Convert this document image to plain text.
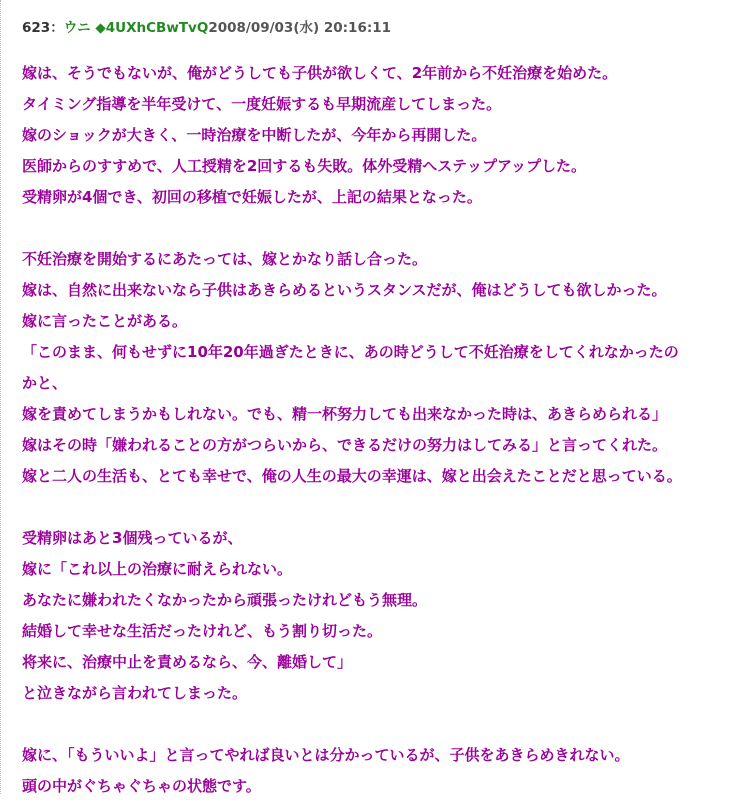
623：ウニ ◆4UXhCBwTvQ2008/09/03(水) 20:16:11
嫁は、そうでもないが、俺がどうしても子供が欲しくて、2年前から不妊治療を始めた。
タイミング指導を半年受けて、一度妊娠するも早期流産してしまった。
嫁のショックが大きく、一時治療を中断したが、今年から再開した。
医師からのすすめで、人工授精を2回するも失敗。体外受精へステップアップした。
受精卵が4個でき、初回の移植で妊娠したが、上記の結果となった。
不妊治療を開始するにあたっては、嫁とかなり話し合った。
嫁は、自然に出来ないなら子供はあきらめるというスタンスだが、俺はどうしても欲しかった。
嫁に言ったことがある。
「このまま、何もせずに10年20年過ぎたときに、あの時どうして不妊治療をしてくれなかったの
かと、
嫁を責めてしまうかもしれない。でも、精一杯努力しても出来なかった時は、あきらめられる」
嫁はその時「嫌われることの方がつらいから、できるだけの努力はしてみる」と言ってくれた。
嫁と二人の生活も、とても幸せで、俺の人生の最大の幸運は、嫁と出会えたことだと思っている。
受精卵はあと3個残っているが、
嫁に「これ以上の治療に耐えられない。
あなたに嫌われたくなかったから頑張ったけれどもう無理。
結婚して幸せな生活だったけれど、もう割り切った。
将来に、治療中止を責めるなら、今、離婚して」
と泣きながら言われてしまった。
嫁に、「もういいよ」と言ってやれば良いとは分かっているが、子供をあきらめきれない。
頭の中がぐちゃぐちゃの状態です。
